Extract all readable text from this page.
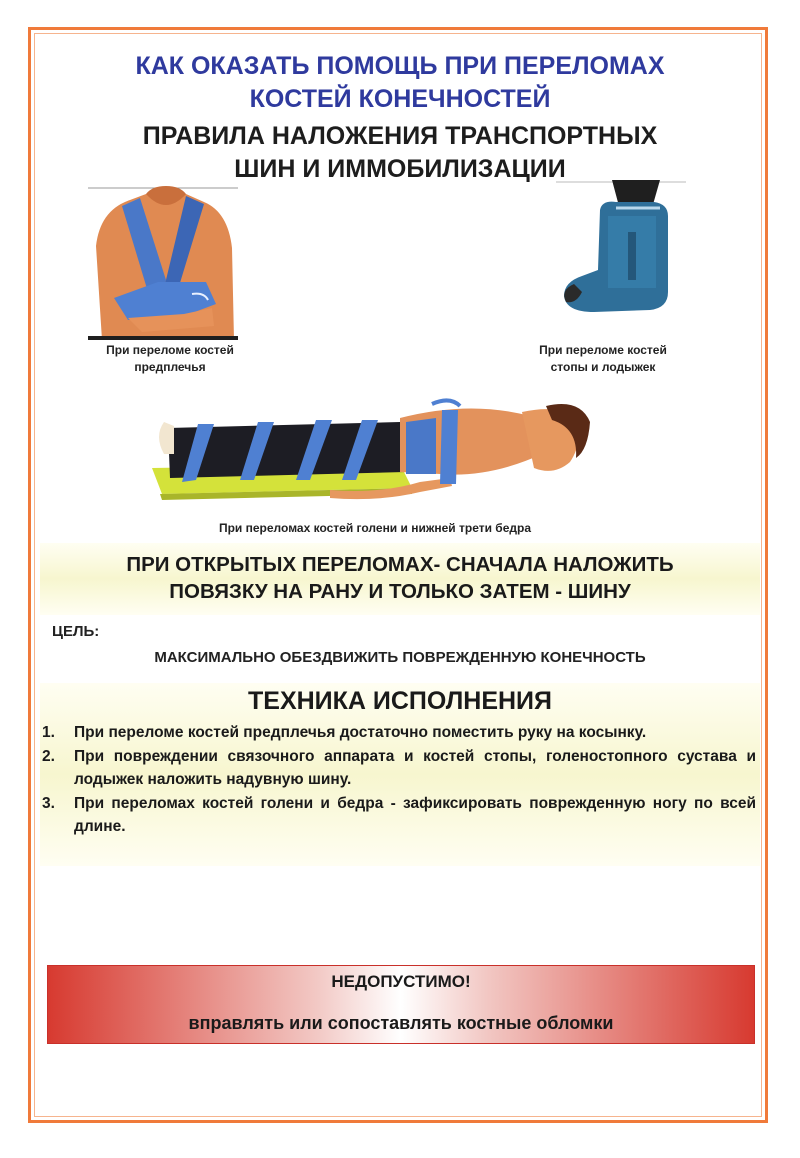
КАК ОКАЗАТЬ ПОМОЩЬ ПРИ ПЕРЕЛОМАХ
КОСТЕЙ КОНЕЧНОСТЕЙ
ПРАВИЛА НАЛОЖЕНИЯ ТРАНСПОРТНЫХ
ШИН И ИММОБИЛИЗАЦИИ
При переломе костей
предплечья
При переломе костей
стопы и лодыжек
При переломах костей голени и нижней трети бедра
ПРИ ОТКРЫТЫХ ПЕРЕЛОМАХ- СНАЧАЛА НАЛОЖИТЬ
ПОВЯЗКУ НА РАНУ И ТОЛЬКО ЗАТЕМ - ШИНУ
ЦЕЛЬ:
МАКСИМАЛЬНО ОБЕЗДВИЖИТЬ ПОВРЕЖДЕННУЮ КОНЕЧНОСТЬ
ТЕХНИКА ИСПОЛНЕНИЯ
1. При переломе костей предплечья достаточно поместить руку на косынку.
2. При повреждении связочного аппарата и костей стопы, голеностопного сустава и лодыжек наложить надувную шину.
3. При переломах костей голени и бедра - зафиксировать поврежденную ногу по всей длине.
НЕДОПУСТИМО!
вправлять или сопоставлять костные обломки
